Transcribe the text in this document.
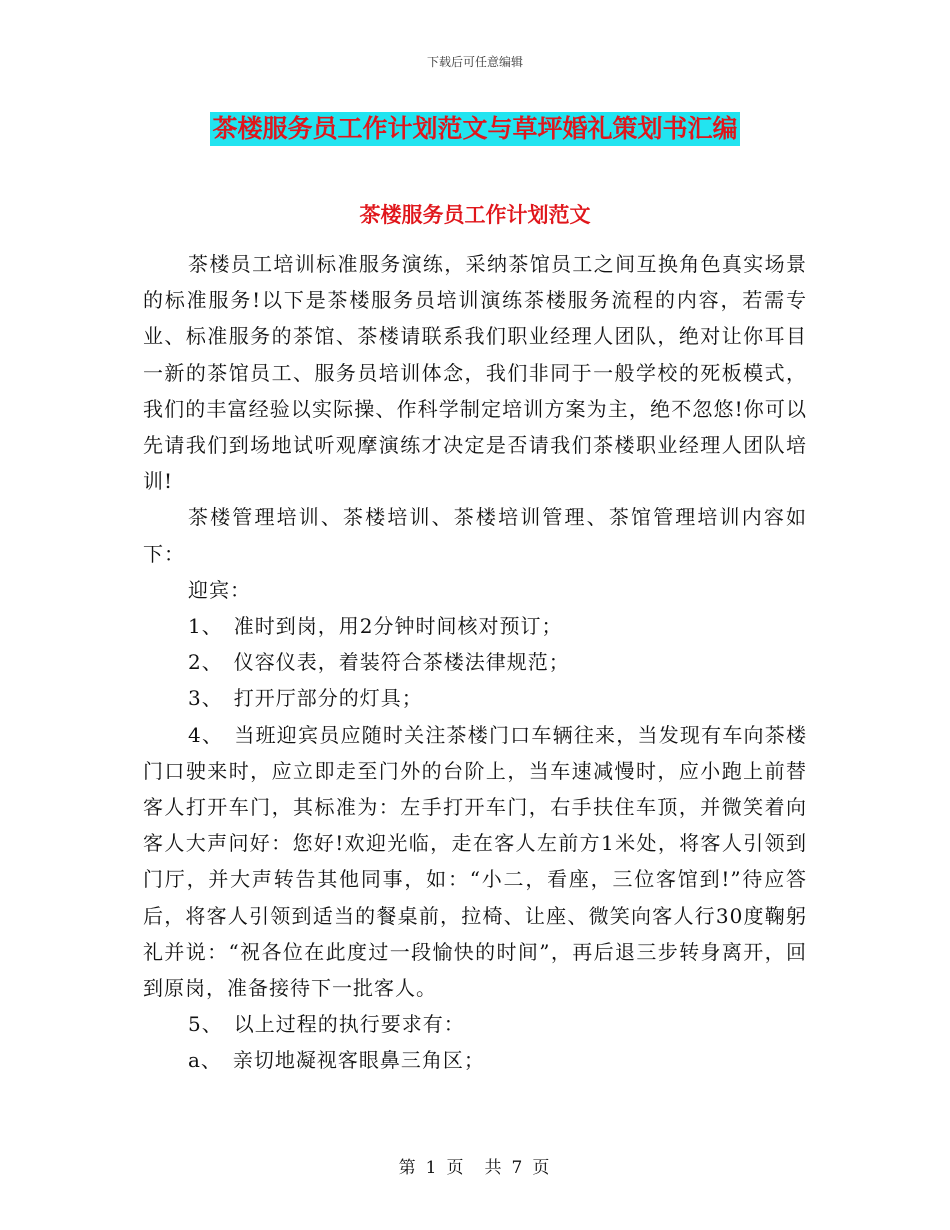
下载后可任意编辑
茶楼服务员工作计划范文与草坪婚礼策划书汇编
茶楼服务员工作计划范文

茶楼员工培训标准服务演练，采纳茶馆员工之间互换角色真实场景的标准服务!以下是茶楼服务员培训演练茶楼服务流程的内容，若需专业、标准服务的茶馆、茶楼请联系我们职业经理人团队，绝对让你耳目一新的茶馆员工、服务员培训体念，我们非同于一般学校的死板模式，我们的丰富经验以实际操、作科学制定培训方案为主，绝不忽悠!你可以先请我们到场地试听观摩演练才决定是否请我们茶楼职业经理人团队培训!

茶楼管理培训、茶楼培训、茶楼培训管理、茶馆管理培训内容如下：

迎宾：

1、　准时到岗，用2分钟时间核对预订；

2、　仪容仪表，着装符合茶楼法律规范；

3、　打开厅部分的灯具；

4、　当班迎宾员应随时关注茶楼门口车辆往来，当发现有车向茶楼门口驶来时，应立即走至门外的台阶上，当车速减慢时，应小跑上前替客人打开车门，其标准为：左手打开车门，右手扶住车顶，并微笑着向客人大声问好：您好!欢迎光临，走在客人左前方1米处，将客人引领到门厅，并大声转告其他同事，如：“小二，看座，三位客馆到!”待应答后，将客人引领到适当的餐桌前，拉椅、让座、微笑向客人行30度鞠躬礼并说：“祝各位在此度过一段愉快的时间”，再后退三步转身离开，回到原岗，准备接待下一批客人。

5、　以上过程的执行要求有：

a、　亲切地凝视客眼鼻三角区；

第 1 页　共 7 页
